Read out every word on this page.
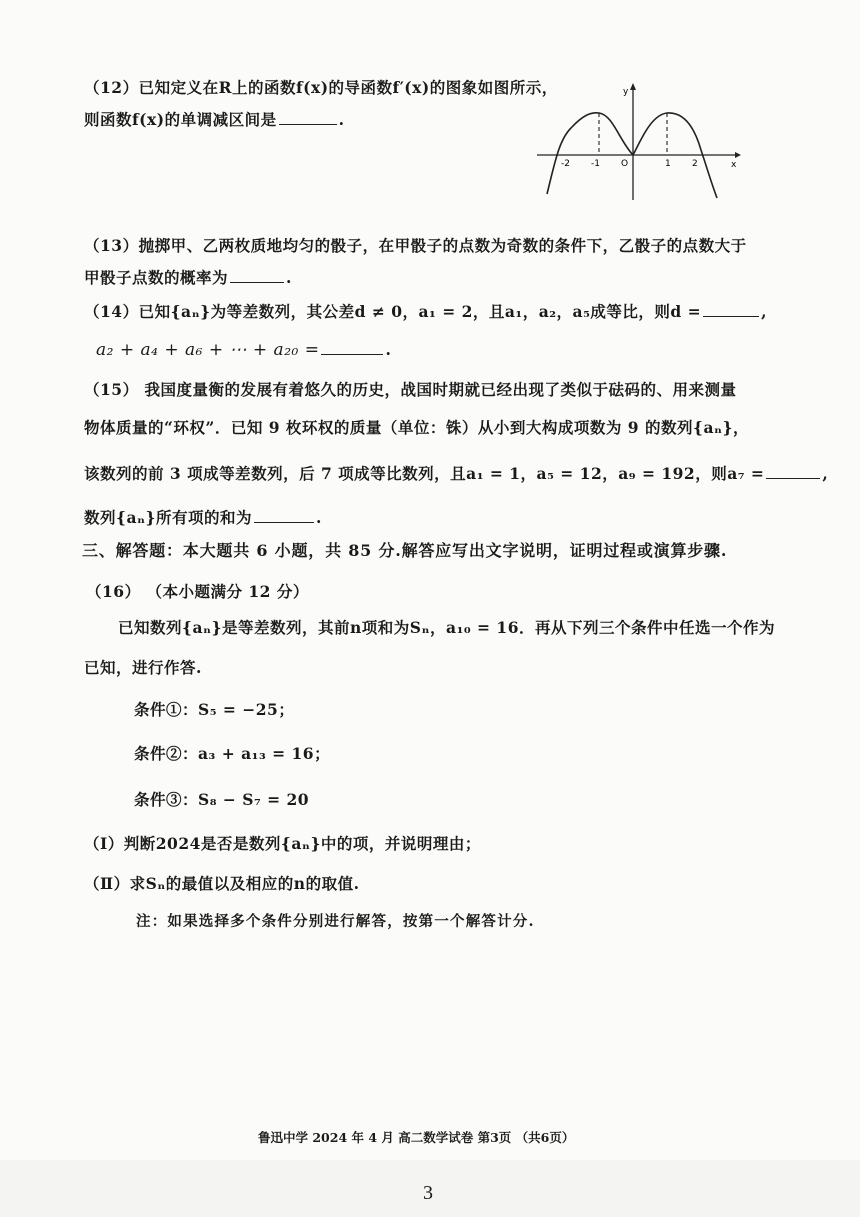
（12）已知定义在R上的函数f(x)的导函数f′(x)的图象如图所示，
则函数f(x)的单调减区间是	.
y
x
-2 -1 O	1 2
（13）抛掷甲、乙两枚质地均匀的骰子，在甲骰子的点数为奇数的条件下，乙骰子的点数大于
甲骰子点数的概率为	.
（14）已知{aₙ}为等差数列，其公差d ≠ 0，a₁ = 2，且a₁，a₂，a₅成等比，则d =	,
a₂ + a₄ + a₆ + ⋯ + a₂₀ =	.
（15） 我国度量衡的发展有着悠久的历史，战国时期就已经出现了类似于砝码的、用来测量
物体质量的“环权”．已知 9 枚环权的质量（单位：铢）从小到大构成项数为 9 的数列{aₙ}，
该数列的前 3 项成等差数列，后 7 项成等比数列，且a₁ = 1，a₅ = 12，a₉ = 192，则a₇ =	,
数列{aₙ}所有项的和为	.
三、解答题：本大题共 6 小题，共 85 分.解答应写出文字说明，证明过程或演算步骤.
（16） （本小题满分 12 分）
已知数列{aₙ}是等差数列，其前n项和为Sₙ，a₁₀ = 16．再从下列三个条件中任选一个作为
已知，进行作答.
条件①：S₅ = −25；
条件②：a₃ + a₁₃ = 16；
条件③：S₈ − S₇ = 20
（Ⅰ）判断2024是否是数列{aₙ}中的项，并说明理由；
（Ⅱ）求Sₙ的最值以及相应的n的取值.
注：如果选择多个条件分别进行解答，按第一个解答计分.
鲁迅中学 2024 年 4 月 高二数学试卷 第3页 （共6页）
3
